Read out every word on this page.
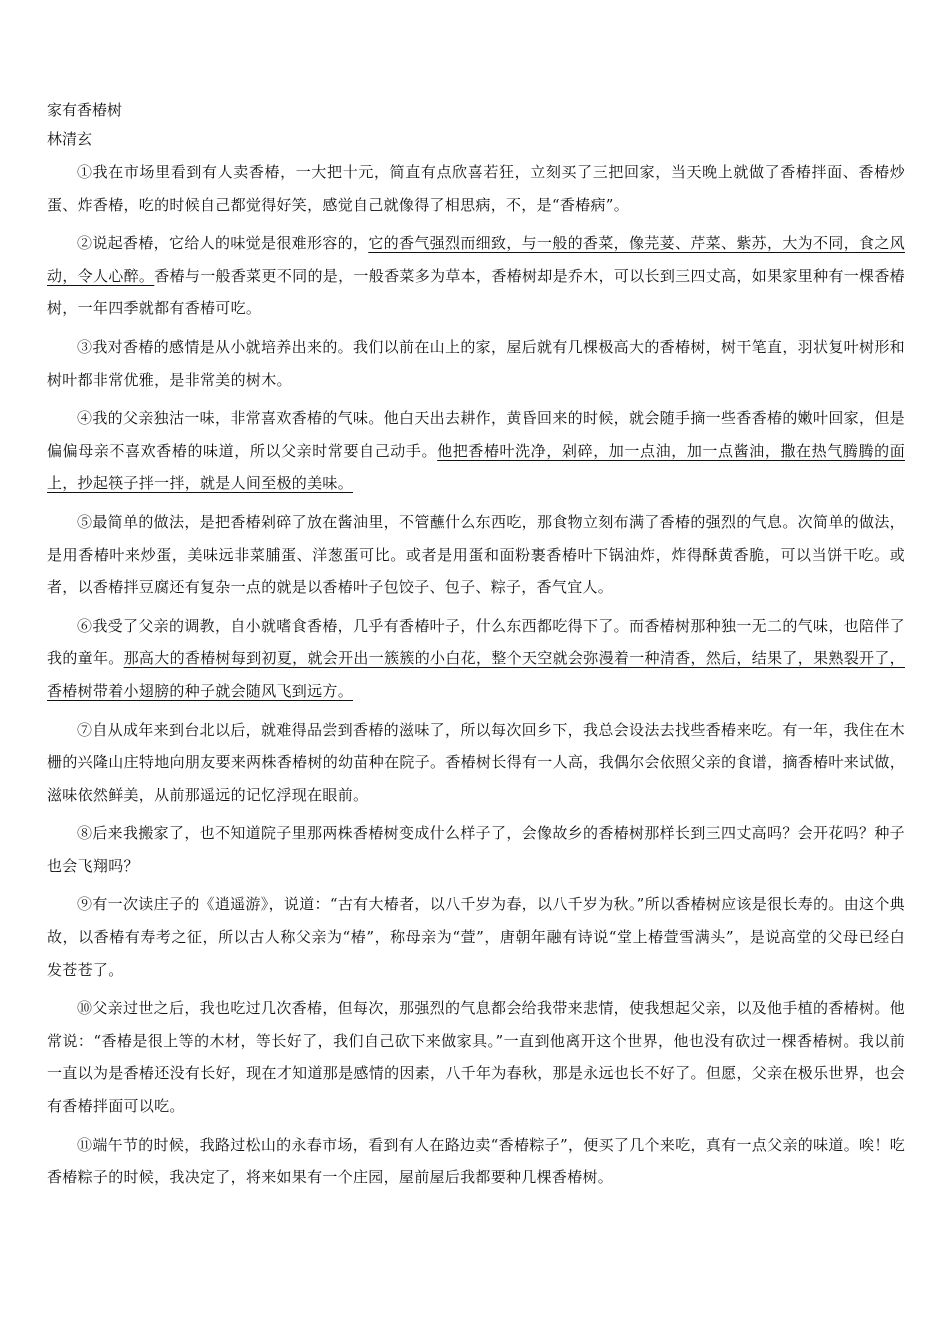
家有香椿树

林清玄

①我在市场里看到有人卖香椿，一大把十元，简直有点欣喜若狂，立刻买了三把回家，当天晚上就做了香椿拌面、香椿炒蛋、炸香椿，吃的时候自己都觉得好笑，感觉自己就像得了相思病，不，是“香椿病”。

②说起香椿，它给人的味觉是很难形容的，它的香气强烈而细致，与一般的香菜，像芫荽、芹菜、紫苏，大为不同，食之风动，令人心醉。香椿与一般香菜更不同的是，一般香菜多为草本，香椿树却是乔木，可以长到三四丈高，如果家里种有一棵香椿树，一年四季就都有香椿可吃。

③我对香椿的感情是从小就培养出来的。我们以前在山上的家，屋后就有几棵极高大的香椿树，树干笔直，羽状复叶树形和树叶都非常优雅，是非常美的树木。

④我的父亲独沽一味，非常喜欢香椿的气味。他白天出去耕作，黄昏回来的时候，就会随手摘一些香香椿的嫩叶回家，但是偏偏母亲不喜欢香椿的味道，所以父亲时常要自己动手。他把香椿叶洗净，剁碎，加一点油，加一点酱油，撒在热气腾腾的面上，抄起筷子拌一拌，就是人间至极的美味。

⑤最简单的做法，是把香椿剁碎了放在酱油里，不管蘸什么东西吃，那食物立刻布满了香椿的强烈的气息。次简单的做法，是用香椿叶来炒蛋，美味远非菜脯蛋、洋葱蛋可比。或者是用蛋和面粉裹香椿叶下锅油炸，炸得酥黄香脆，可以当饼干吃。或者，以香椿拌豆腐还有复杂一点的就是以香椿叶子包饺子、包子、粽子，香气宜人。

⑥我受了父亲的调教，自小就嗜食香椿，几乎有香椿叶子，什么东西都吃得下了。而香椿树那种独一无二的气味，也陪伴了我的童年。那高大的香椿树每到初夏，就会开出一簇簇的小白花，整个天空就会弥漫着一种清香，然后，结果了，果熟裂开了，香椿树带着小翅膀的种子就会随风飞到远方。

⑦自从成年来到台北以后，就难得品尝到香椿的滋味了，所以每次回乡下，我总会设法去找些香椿来吃。有一年，我住在木栅的兴隆山庄特地向朋友要来两株香椿树的幼苗种在院子。香椿树长得有一人高，我偶尔会依照父亲的食谱，摘香椿叶来试做，滋味依然鲜美，从前那遥远的记忆浮现在眼前。

⑧后来我搬家了，也不知道院子里那两株香椿树变成什么样子了，会像故乡的香椿树那样长到三四丈高吗？会开花吗？种子也会飞翔吗？

⑨有一次读庄子的《逍遥游》，说道：“古有大椿者，以八千岁为春，以八千岁为秋。”所以香椿树应该是很长寿的。由这个典故，以香椿有寿考之征，所以古人称父亲为“椿”，称母亲为“萱”，唐朝年融有诗说“堂上椿萱雪满头”，是说高堂的父母已经白发苍苍了。

⑩父亲过世之后，我也吃过几次香椿，但每次，那强烈的气息都会给我带来悲情，使我想起父亲，以及他手植的香椿树。他常说：“香椿是很上等的木材，等长好了，我们自己砍下来做家具。”一直到他离开这个世界，他也没有砍过一棵香椿树。我以前一直以为是香椿还没有长好，现在才知道那是感情的因素，八千年为春秋，那是永远也长不好了。但愿，父亲在极乐世界，也会有香椿拌面可以吃。

⑪端午节的时候，我路过松山的永春市场，看到有人在路边卖“香椿粽子”，便买了几个来吃，真有一点父亲的味道。唉！吃香椿粽子的时候，我决定了，将来如果有一个庄园，屋前屋后我都要种几棵香椿树。
